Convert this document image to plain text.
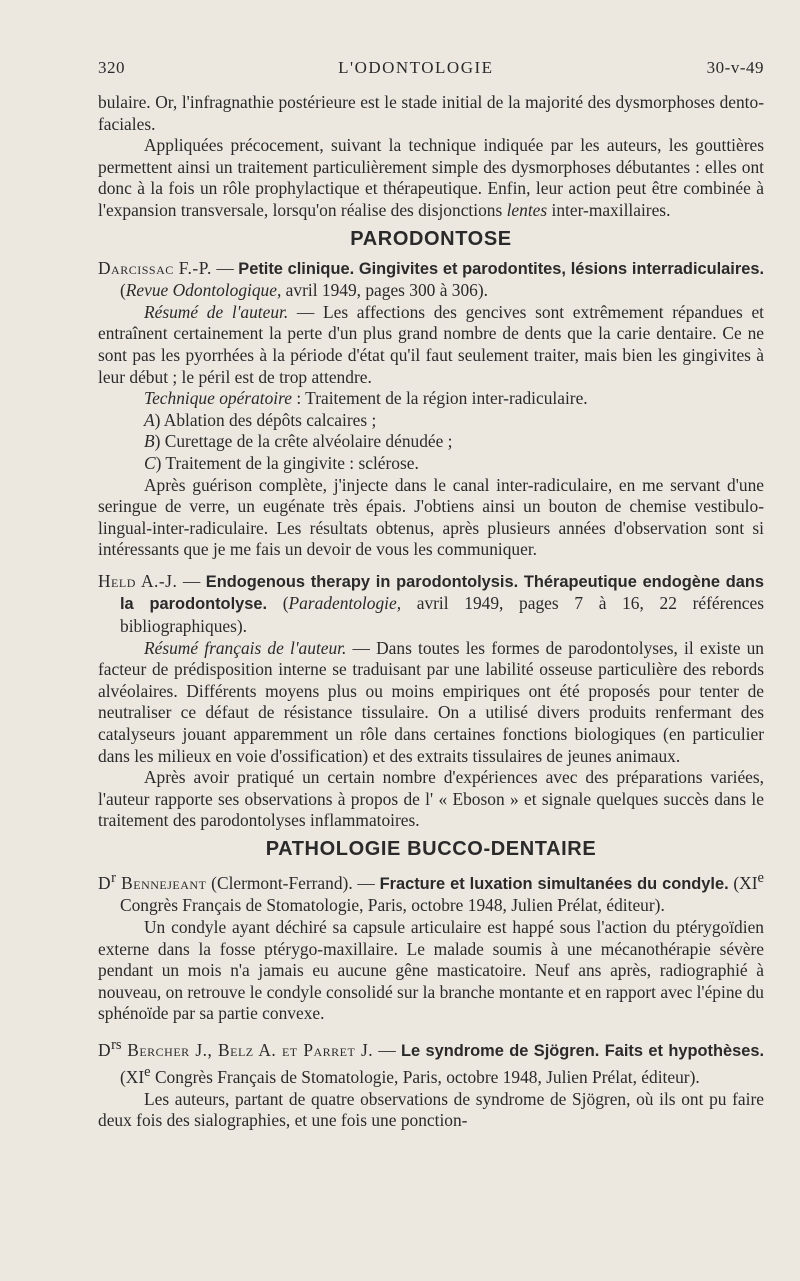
320	L'ODONTOLOGIE	30-v-49

bulaire. Or, l'infragnathie postérieure est le stade initial de la majorité des dysmorphoses dento-faciales.

Appliquées précocement, suivant la technique indiquée par les auteurs, les gouttières permettent ainsi un traitement particulièrement simple des dysmorphoses débutantes : elles ont donc à la fois un rôle prophylactique et thérapeutique. Enfin, leur action peut être combinée à l'expansion transversale, lorsqu'on réalise des disjonctions lentes inter-maxillaires.

PARODONTOSE

Darcissac F.-P. — Petite clinique. Gingivites et parodontites, lésions interradiculaires. (Revue Odontologique, avril 1949, pages 300 à 306).

Résumé de l'auteur. — Les affections des gencives sont extrêmement répandues et entraînent certainement la perte d'un plus grand nombre de dents que la carie dentaire. Ce ne sont pas les pyorrhées à la période d'état qu'il faut seulement traiter, mais bien les gingivites à leur début ; le péril est de trop attendre.

Technique opératoire : Traitement de la région inter-radiculaire.

A) Ablation des dépôts calcaires ;

B) Curettage de la crête alvéolaire dénudée ;

C) Traitement de la gingivite : sclérose.

Après guérison complète, j'injecte dans le canal inter-radiculaire, en me servant d'une seringue de verre, un eugénate très épais. J'obtiens ainsi un bouton de chemise vestibulo-lingual-inter-radiculaire. Les résultats obtenus, après plusieurs années d'observation sont si intéressants que je me fais un devoir de vous les communiquer.

Held A.-J. — Endogenous therapy in parodontolysis. Thérapeutique endogène dans la parodontolyse. (Paradentologie, avril 1949, pages 7 à 16, 22 références bibliographiques).

Résumé français de l'auteur. — Dans toutes les formes de parodontolyses, il existe un facteur de prédisposition interne se traduisant par une labilité osseuse particulière des rebords alvéolaires. Différents moyens plus ou moins empiriques ont été proposés pour tenter de neutraliser ce défaut de résistance tissulaire. On a utilisé divers produits renfermant des catalyseurs jouant apparemment un rôle dans certaines fonctions biologiques (en particulier dans les milieux en voie d'ossification) et des extraits tissulaires de jeunes animaux.

Après avoir pratiqué un certain nombre d'expériences avec des préparations variées, l'auteur rapporte ses observations à propos de l' « Eboson » et signale quelques succès dans le traitement des parodontolyses inflammatoires.

PATHOLOGIE BUCCO-DENTAIRE

$D^r$ Bennejeant (Clermont-Ferrand). — Fracture et luxation simultanées du condyle. (XIe Congrès Français de Stomatologie, Paris, octobre 1948, Julien Prélat, éditeur).

Un condyle ayant déchiré sa capsule articulaire est happé sous l'action du ptérygoïdien externe dans la fosse ptérygo-maxillaire. Le malade soumis à une mécanothérapie sévère pendant un mois n'a jamais eu aucune gêne masticatoire. Neuf ans après, radiographié à nouveau, on retrouve le condyle consolidé sur la branche montante et en rapport avec l'épine du sphénoïde par sa partie convexe.

$D^{rs}$ Bercher J., Belz A. et Parret J. — Le syndrome de Sjögren. Faits et hypothèses. (XIe Congrès Français de Stomatologie, Paris, octobre 1948, Julien Prélat, éditeur).

Les auteurs, partant de quatre observations de syndrome de Sjögren, où ils ont pu faire deux fois des sialographies, et une fois une ponction-
